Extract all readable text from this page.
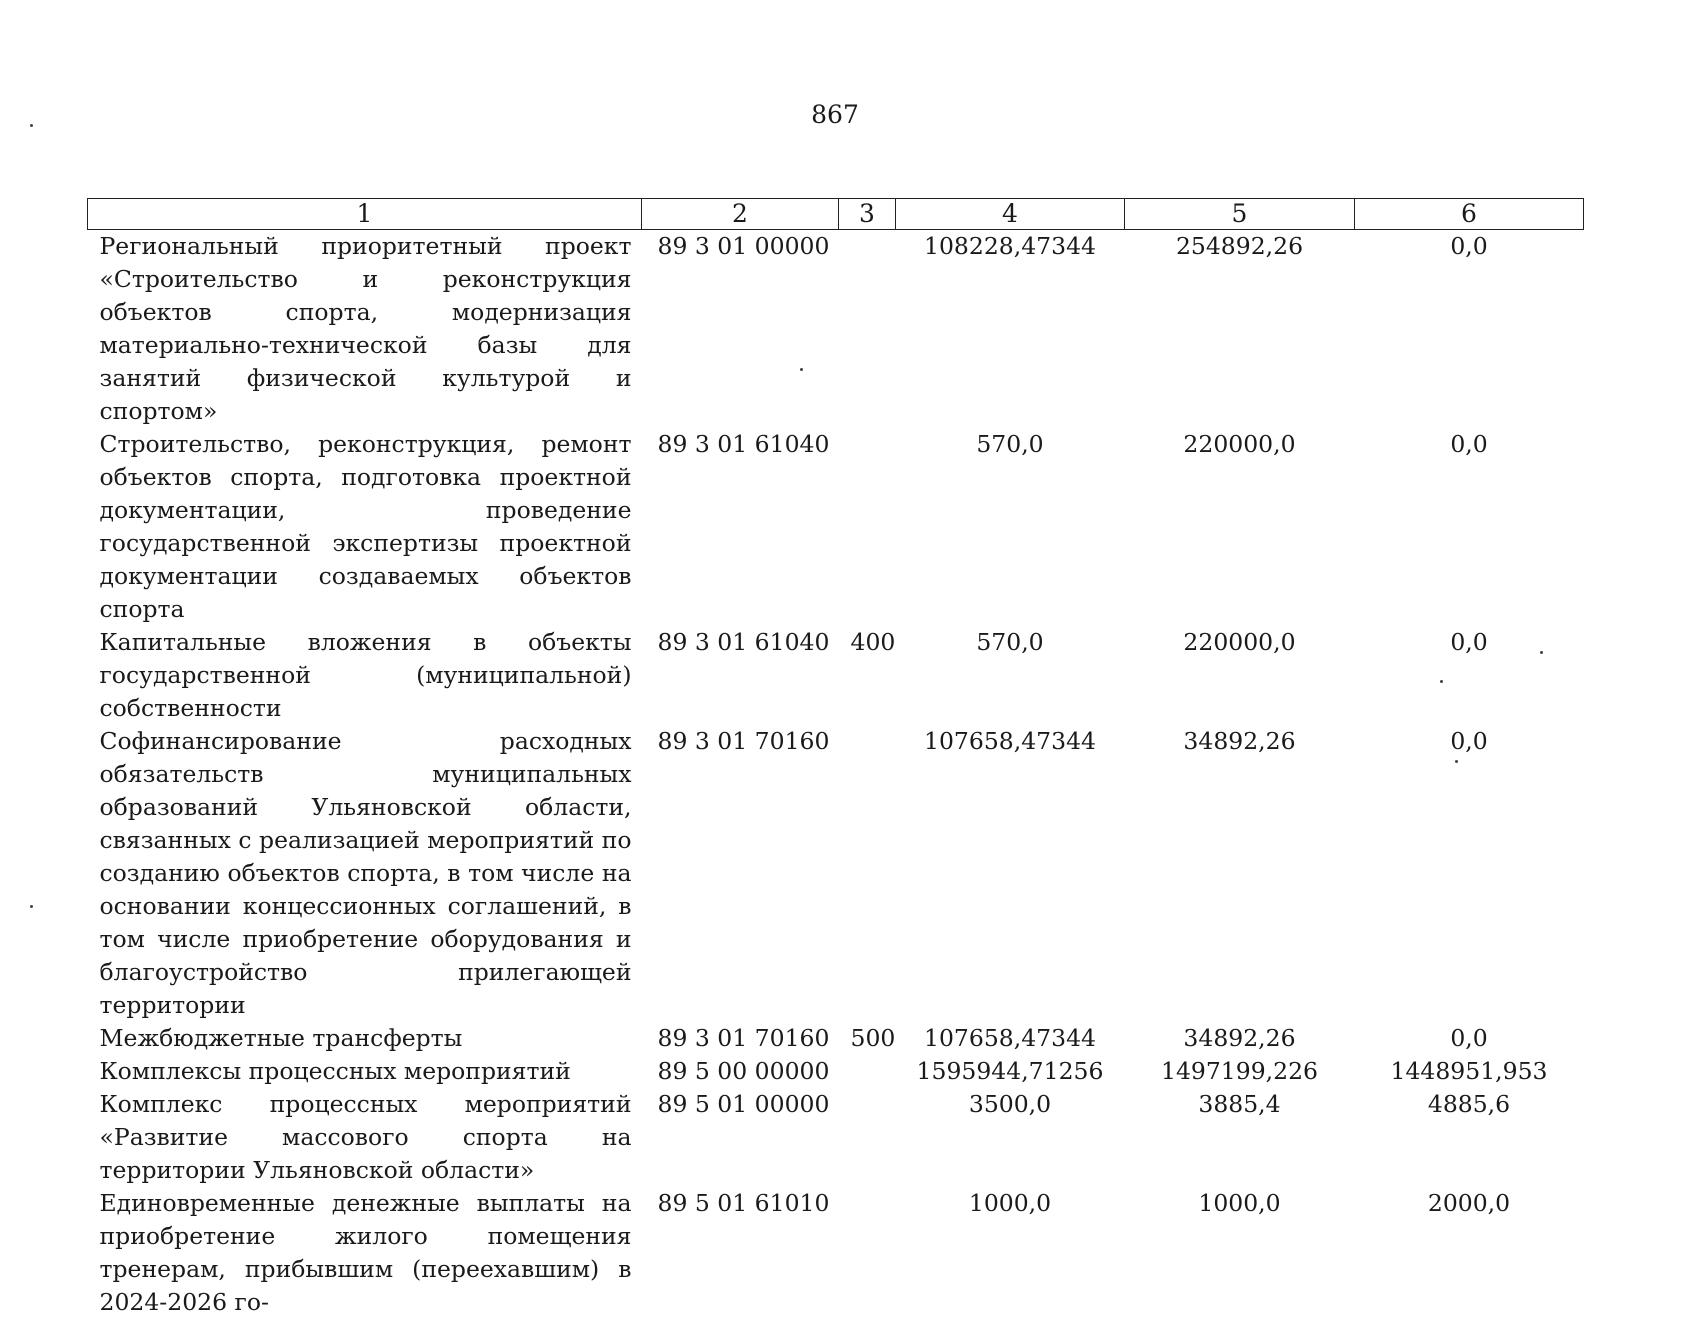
867
1	2	3	4	5	6
Региональный приоритетный проект «Строительство и реконструкция объектов спорта, модернизация материально-технической базы для занятий физической культурой и спортом»	89 3 01 00000		108228,47344	254892,26	0,0
Строительство, реконструкция, ремонт объектов спорта, подготовка проектной документации, проведение государственной экспертизы проектной документации создаваемых объектов спорта	89 3 01 61040		570,0	220000,0	0,0
Капитальные вложения в объекты государственной (муниципальной) собственности	89 3 01 61040	400	570,0	220000,0	0,0
Софинансирование расходных обязательств муниципальных образований Ульяновской области, связанных с реализацией мероприятий по созданию объектов спорта, в том числе на основании концессионных соглашений, в том числе приобретение оборудования и благоустройство прилегающей территории	89 3 01 70160		107658,47344	34892,26	0,0
Межбюджетные трансферты	89 3 01 70160	500	107658,47344	34892,26	0,0
Комплексы процессных мероприятий	89 5 00 00000		1595944,71256	1497199,226	1448951,953
Комплекс процессных мероприятий «Развитие массового спорта на территории Ульяновской области»	89 5 01 00000		3500,0	3885,4	4885,6
Единовременные денежные выплаты на приобретение жилого помещения тренерам, прибывшим (переехавшим) в 2024-2026 го-	89 5 01 61010		1000,0	1000,0	2000,0
